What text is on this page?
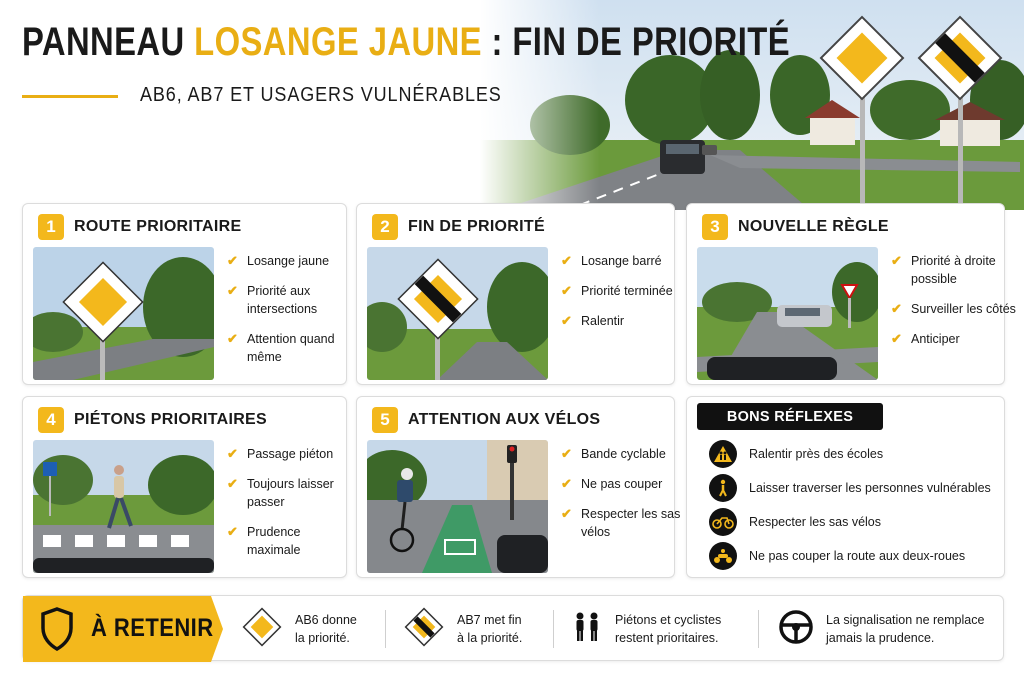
PANNEAU LOSANGE JAUNE : FIN DE PRIORITÉ
AB6, AB7 ET USAGERS VULNÉRABLES
1	ROUTE PRIORITAIRE
✔ Losange jaune
✔ Priorité aux intersections
✔ Attention quand même
2	FIN DE PRIORITÉ
✔ Losange barré
✔ Priorité terminée
✔ Ralentir
3	NOUVELLE RÈGLE
✔ Priorité à droite possible
✔ Surveiller les côtés
✔ Anticiper
4	PIÉTONS PRIORITAIRES
✔ Passage piéton
✔ Toujours laisser passer
✔ Prudence maximale
5	ATTENTION AUX VÉLOS
✔ Bande cyclable
✔ Ne pas couper
✔ Respecter les sas vélos
BONS RÉFLEXES
Ralentir près des écoles
Laisser traverser les personnes vulnérables
Respecter les sas vélos
Ne pas couper la route aux deux-roues
À RETENIR	AB6 donne
la priorité.
AB7 met fin
à la priorité.
Piétons et cyclistes
restent prioritaires.
La signalisation ne remplace
jamais la prudence.
